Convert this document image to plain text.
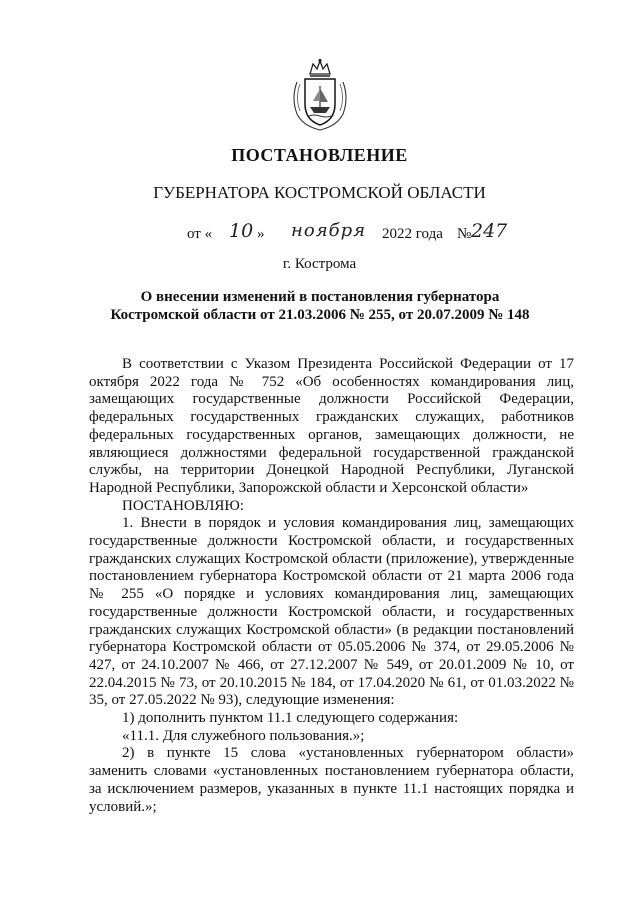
ПОСТАНОВЛЕНИЕ
ГУБЕРНАТОРА КОСТРОМСКОЙ ОБЛАСТИ
от « 10 » ноября 2022 года № 247
г. Кострома
О внесении изменений в постановления губернатора Костромской области от 21.03.2006 № 255, от 20.07.2009 № 148

В соответствии с Указом Президента Российской Федерации от 17 октября 2022 года № 752 «Об особенностях командирования лиц, замещающих государственные должности Российской Федерации, федеральных государственных гражданских служащих, работников федеральных государственных органов, замещающих должности, не являющиеся должностями федеральной государственной гражданской службы, на территории Донецкой Народной Республики, Луганской Народной Республики, Запорожской области и Херсонской области»

ПОСТАНОВЛЯЮ:

1. Внести в порядок и условия командирования лиц, замещающих государственные должности Костромской области, и государственных гражданских служащих Костромской области (приложение), утвержденные постановлением губернатора Костромской области от 21 марта 2006 года № 255 «О порядке и условиях командирования лиц, замещающих государственные должности Костромской области, и государственных гражданских служащих Костромской области» (в редакции постановлений губернатора Костромской области от 05.05.2006 № 374, от 29.05.2006 № 427, от 24.10.2007 № 466, от 27.12.2007 № 549, от 20.01.2009 № 10, от 22.04.2015 № 73, от 20.10.2015 № 184, от 17.04.2020 № 61, от 01.03.2022 № 35, от 27.05.2022 № 93), следующие изменения:

1) дополнить пунктом 11.1 следующего содержания:

«11.1. Для служебного пользования.»;

2) в пункте 15 слова «установленных губернатором области» заменить словами «установленных постановлением губернатора области, за исключением размеров, указанных в пункте 11.1 настоящих порядка и условий.»;
